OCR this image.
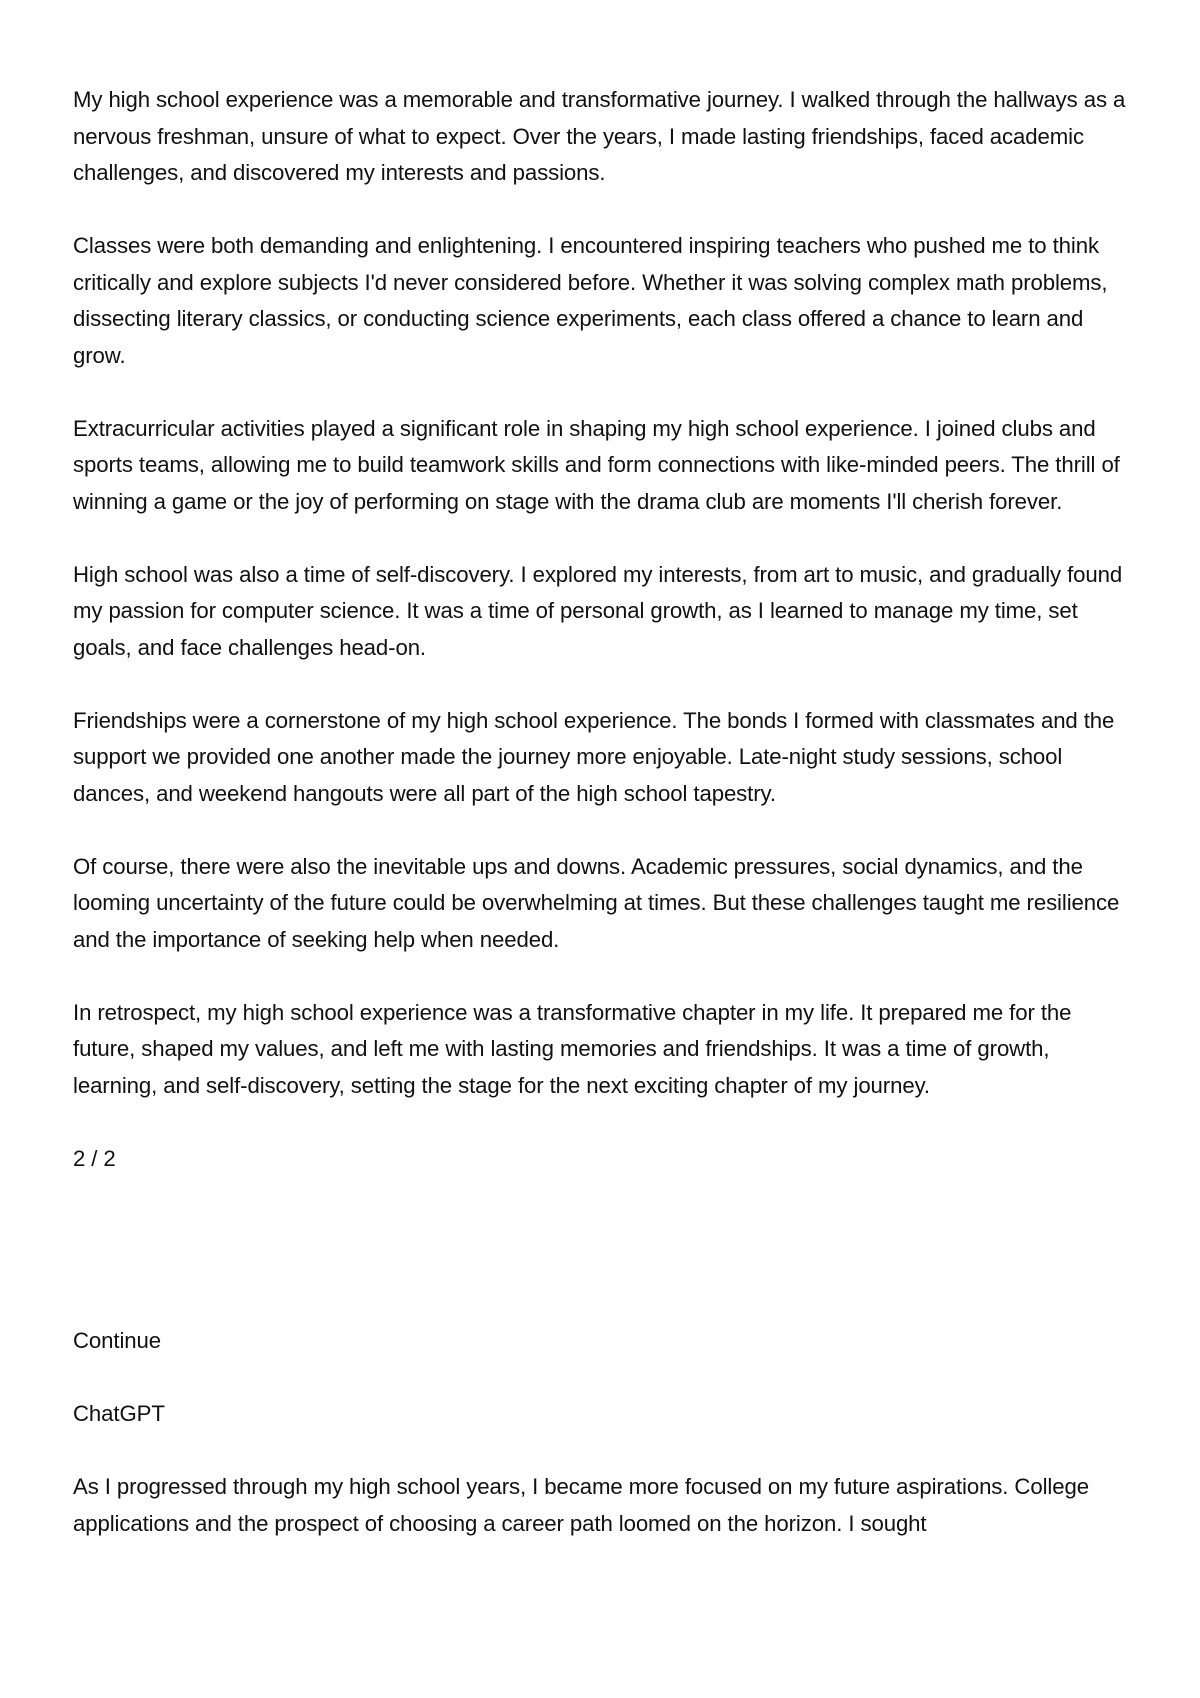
My high school experience was a memorable and transformative journey. I walked through the hallways as a nervous freshman, unsure of what to expect. Over the years, I made lasting friendships, faced academic challenges, and discovered my interests and passions.

Classes were both demanding and enlightening. I encountered inspiring teachers who pushed me to think critically and explore subjects I'd never considered before. Whether it was solving complex math problems, dissecting literary classics, or conducting science experiments, each class offered a chance to learn and grow.

Extracurricular activities played a significant role in shaping my high school experience. I joined clubs and sports teams, allowing me to build teamwork skills and form connections with like-minded peers. The thrill of winning a game or the joy of performing on stage with the drama club are moments I'll cherish forever.

High school was also a time of self-discovery. I explored my interests, from art to music, and gradually found my passion for computer science. It was a time of personal growth, as I learned to manage my time, set goals, and face challenges head-on.

Friendships were a cornerstone of my high school experience. The bonds I formed with classmates and the support we provided one another made the journey more enjoyable. Late-night study sessions, school dances, and weekend hangouts were all part of the high school tapestry.

Of course, there were also the inevitable ups and downs. Academic pressures, social dynamics, and the looming uncertainty of the future could be overwhelming at times. But these challenges taught me resilience and the importance of seeking help when needed.

In retrospect, my high school experience was a transformative chapter in my life. It prepared me for the future, shaped my values, and left me with lasting memories and friendships. It was a time of growth, learning, and self-discovery, setting the stage for the next exciting chapter of my journey.

2 / 2

Continue

ChatGPT

As I progressed through my high school years, I became more focused on my future aspirations. College applications and the prospect of choosing a career path loomed on the horizon. I sought
